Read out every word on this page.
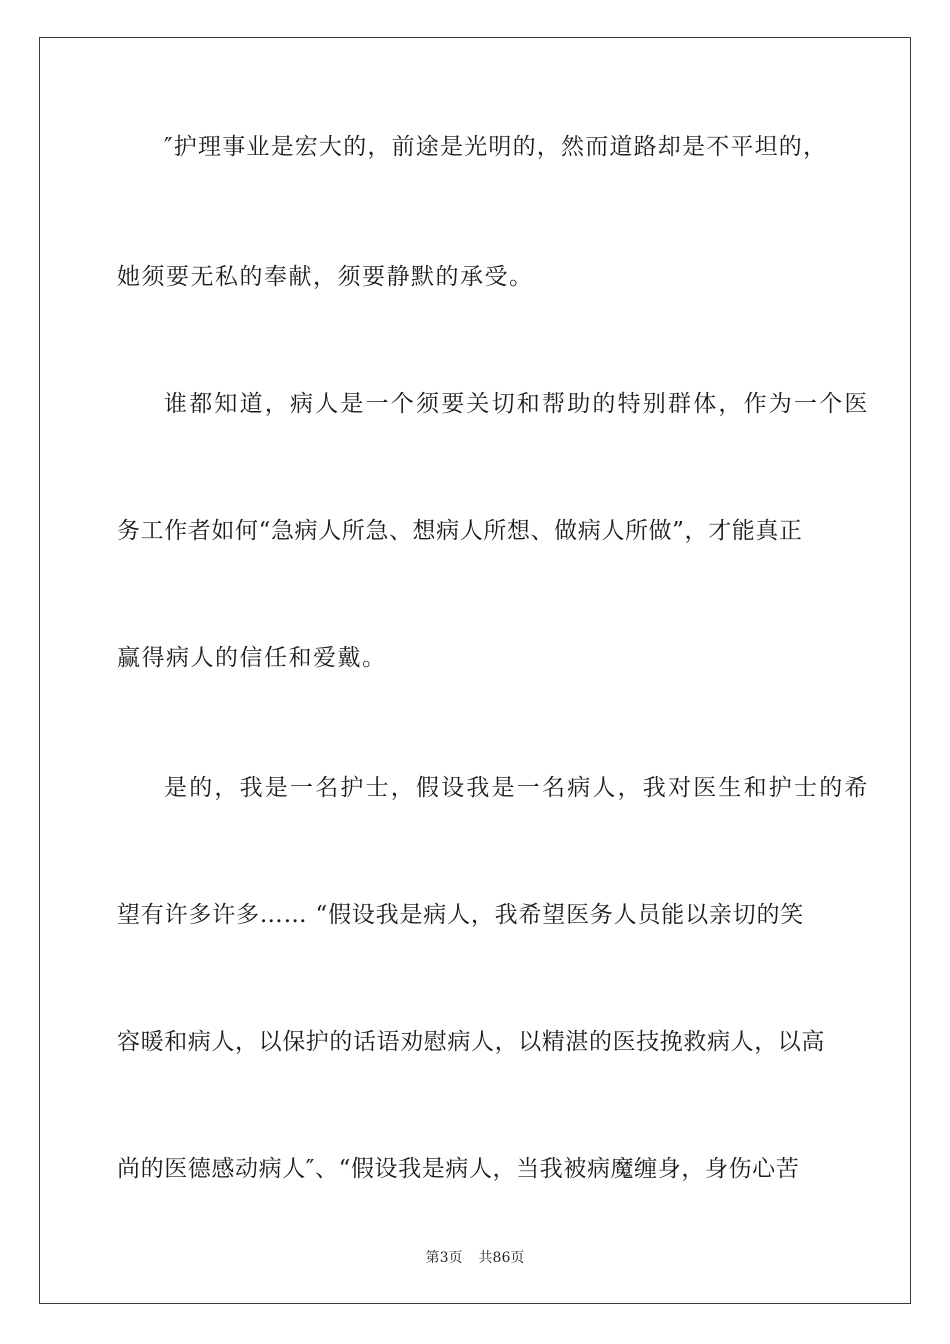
″护理事业是宏大的，前途是光明的，然而道路却是不平坦的，
她须要无私的奉献，须要静默的承受。
谁都知道，病人是一个须要关切和帮助的特别群体，作为一个医
务工作者如何“急病人所急、想病人所想、做病人所做”，才能真正
赢得病人的信任和爱戴。
是的，我是一名护士，假设我是一名病人，我对医生和护士的希
望有许多许多…… “假设我是病人，我希望医务人员能以亲切的笑
容暖和病人，以保护的话语劝慰病人，以精湛的医技挽救病人，以高
尚的医德感动病人″、“假设我是病人，当我被病魔缠身，身伤心苦
第3页 共86页
